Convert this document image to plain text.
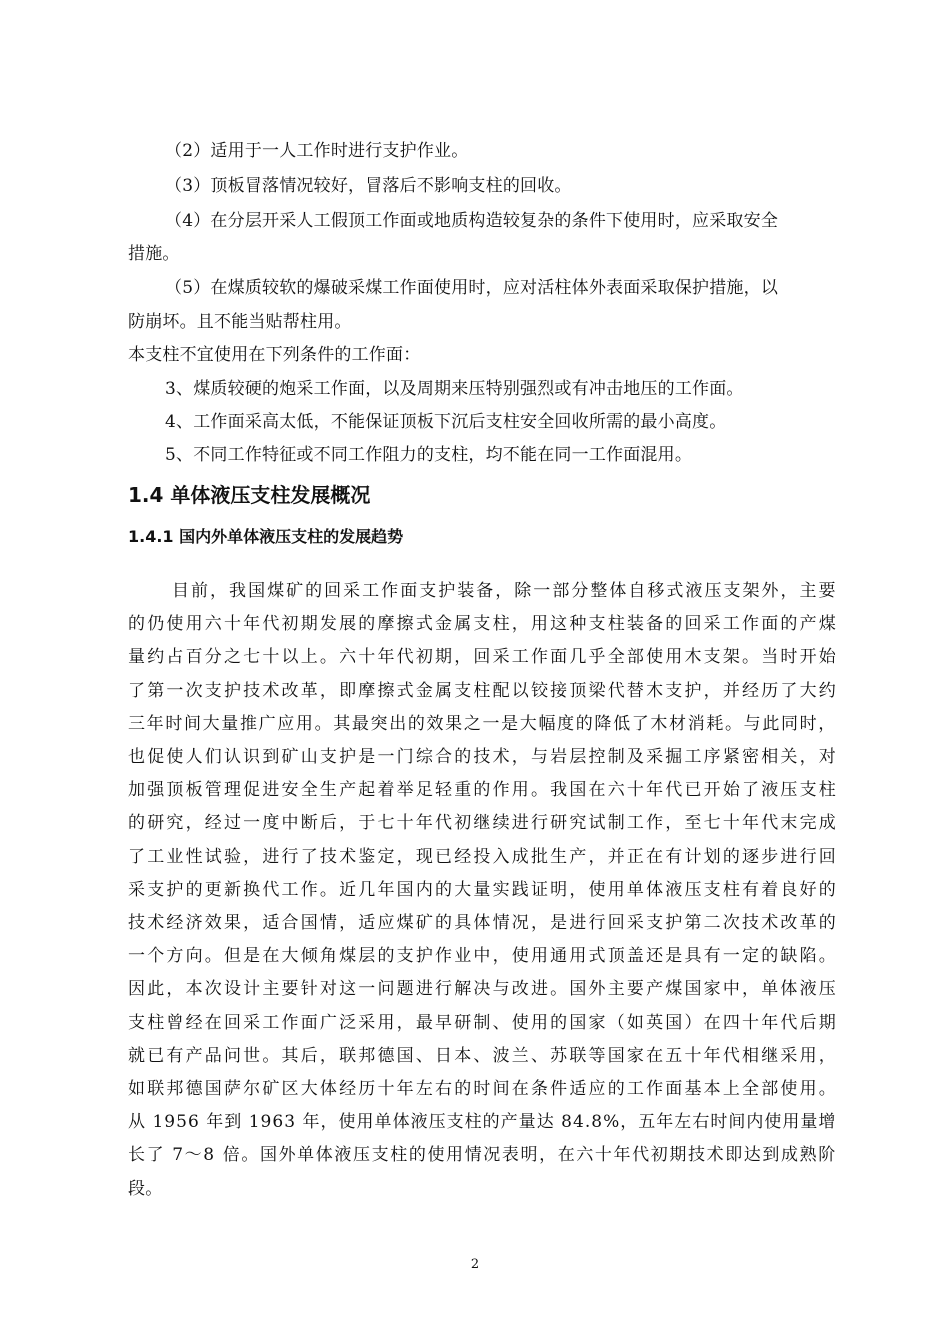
（2）适用于一人工作时进行支护作业。
（3）顶板冒落情况较好，冒落后不影响支柱的回收。
（4）在分层开采人工假顶工作面或地质构造较复杂的条件下使用时，应采取安全
措施。
（5）在煤质较软的爆破采煤工作面使用时，应对活柱体外表面采取保护措施，以
防崩坏。且不能当贴帮柱用。
本支柱不宜使用在下列条件的工作面：
3、煤质较硬的炮采工作面，以及周期来压特别强烈或有冲击地压的工作面。
4、工作面采高太低，不能保证顶板下沉后支柱安全回收所需的最小高度。
5、不同工作特征或不同工作阻力的支柱，均不能在同一工作面混用。
1.4 单体液压支柱发展概况
1.4.1 国内外单体液压支柱的发展趋势
目 前 ， 我 国 煤 矿 的 回 采 工 作 面 支 护 装 备 ， 除 一 部 分 整 体 自 移 式 液 压 支 架 外 ， 主 要
的 仍 使 用 六 十 年 代 初 期 发 展 的 摩 擦 式 金 属 支 柱 ， 用 这 种 支 柱 装 备 的 回 采 工 作 面 的 产 煤
量 约 占 百 分 之 七 十 以 上 。 六 十 年 代 初 期 ， 回 采 工 作 面 几 乎 全 部 使 用 木 支 架 。 当 时 开 始
了 第 一 次 支 护 技 术 改 革 ， 即 摩 擦 式 金 属 支 柱 配 以 铰 接 顶 梁 代 替 木 支 护 ， 并 经 历 了 大 约
三 年 时 间 大 量 推 广 应 用 。 其 最 突 出 的 效 果 之 一 是 大 幅 度 的 降 低 了 木 材 消 耗 。 与 此 同 时 ，
也 促 使 人 们 认 识 到 矿 山 支 护 是 一 门 综 合 的 技 术 ， 与 岩 层 控 制 及 采 掘 工 序 紧 密 相 关 ， 对
加 强 顶 板 管 理 促 进 安 全 生 产 起 着 举 足 轻 重 的 作 用 。 我 国 在 六 十 年 代 已 开 始 了 液 压 支 柱
的 研 究 ， 经 过 一 度 中 断 后 ， 于 七 十 年 代 初 继 续 进 行 研 究 试 制 工 作 ， 至 七 十 年 代 末 完 成
了 工 业 性 试 验 ， 进 行 了 技 术 鉴 定 ， 现 已 经 投 入 成 批 生 产 ， 并 正 在 有 计 划 的 逐 步 进 行 回
采 支 护 的 更 新 换 代 工 作 。 近 几 年 国 内 的 大 量 实 践 证 明 ， 使 用 单 体 液 压 支 柱 有 着 良 好 的
技 术 经 济 效 果 ， 适 合 国 情 ， 适 应 煤 矿 的 具 体 情 况 ， 是 进 行 回 采 支 护 第 二 次 技 术 改 革 的
一 个 方 向 。 但 是 在 大 倾 角 煤 层 的 支 护 作 业 中 ， 使 用 通 用 式 顶 盖 还 是 具 有 一 定 的 缺 陷 。
因 此 ， 本 次 设 计 主 要 针 对 这 一 问 题 进 行 解 决 与 改 进 。 国 外 主 要 产 煤 国 家 中 ， 单 体 液 压
支 柱 曾 经 在 回 采 工 作 面 广 泛 采 用 ， 最 早 研 制 、 使 用 的 国 家 （ 如 英 国 ） 在 四 十 年 代 后 期
就 已 有 产 品 问 世 。 其 后 ， 联 邦 德 国 、 日 本 、 波 兰 、 苏 联 等 国 家 在 五 十 年 代 相 继 采 用 ，
如 联 邦 德 国 萨 尔 矿 区 大 体 经 历 十 年 左 右 的 时 间 在 条 件 适 应 的 工 作 面 基 本 上 全 部 使 用 。
从
1 9 5 6
年 到
1 9 6 3
年 ， 使 用 单 体 液 压 支 柱 的 产 量 达
8 4 . 8 % ， 五 年 左 右 时 间 内 使 用 量 增
长 了
7 ～ 8
倍 。 国 外 单 体 液 压 支 柱 的 使 用 情 况 表 明 ， 在 六 十 年 代 初 期 技 术 即 达 到 成 熟 阶
段。
2
